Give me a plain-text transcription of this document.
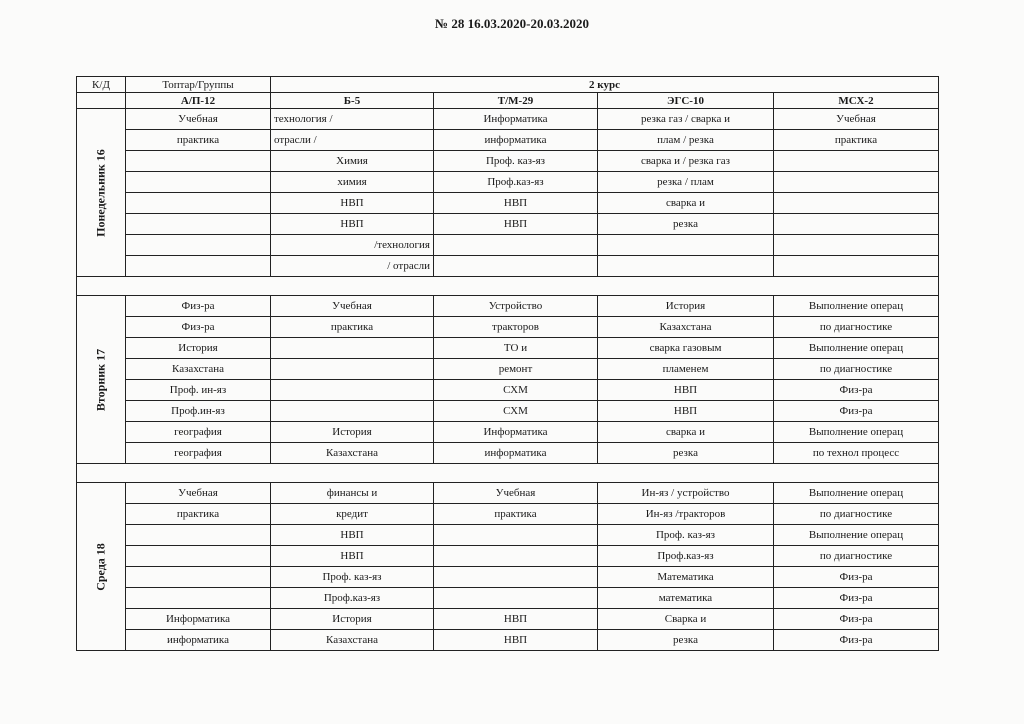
№ 28 16.03.2020-20.03.2020
К/Д	Топтар/Группы	2 курс			
	А/П-12	Б-5	Т/М-29	ЭГС-10	МСХ-2

Понедельник 16	Учебная	технология /	Информатика	резка газ / сварка и	Учебная
	практика	отрасли /	информатика	плам / резка	практика
		Химия	Проф. каз-яз	сварка и / резка газ	
		химия	Проф.каз-яз	резка / плам	
		НВП	НВП	сварка и	
		НВП	НВП	резка	
		/технология			
		/ отрасли			

Вторник 17	Физ-ра	Учебная	Устройство	История	Выполнение операц
	Физ-ра	практика	тракторов	Казахстана	по диагностике
	История		ТО и	сварка газовым	Выполнение операц
	Казахстана		ремонт	пламенем	по диагностике
	Проф. ин-яз		СХМ	НВП	Физ-ра
	Проф.ин-яз		СХМ	НВП	Физ-ра
	география	История	Информатика	сварка и	Выполнение операц
	география	Казахстана	информатика	резка	по технол процесс

Среда 18	Учебная	финансы и	Учебная	Ин-яз / устройство	Выполнение операц
	практика	кредит	практика	Ин-яз /тракторов	по диагностике
		НВП		Проф. каз-яз	Выполнение операц
		НВП		Проф.каз-яз	по диагностике
		Проф. каз-яз		Математика	Физ-ра
		Проф.каз-яз		математика	Физ-ра
	Информатика	История	НВП	Сварка и	Физ-ра
	информатика	Казахстана	НВП	резка	Физ-ра
